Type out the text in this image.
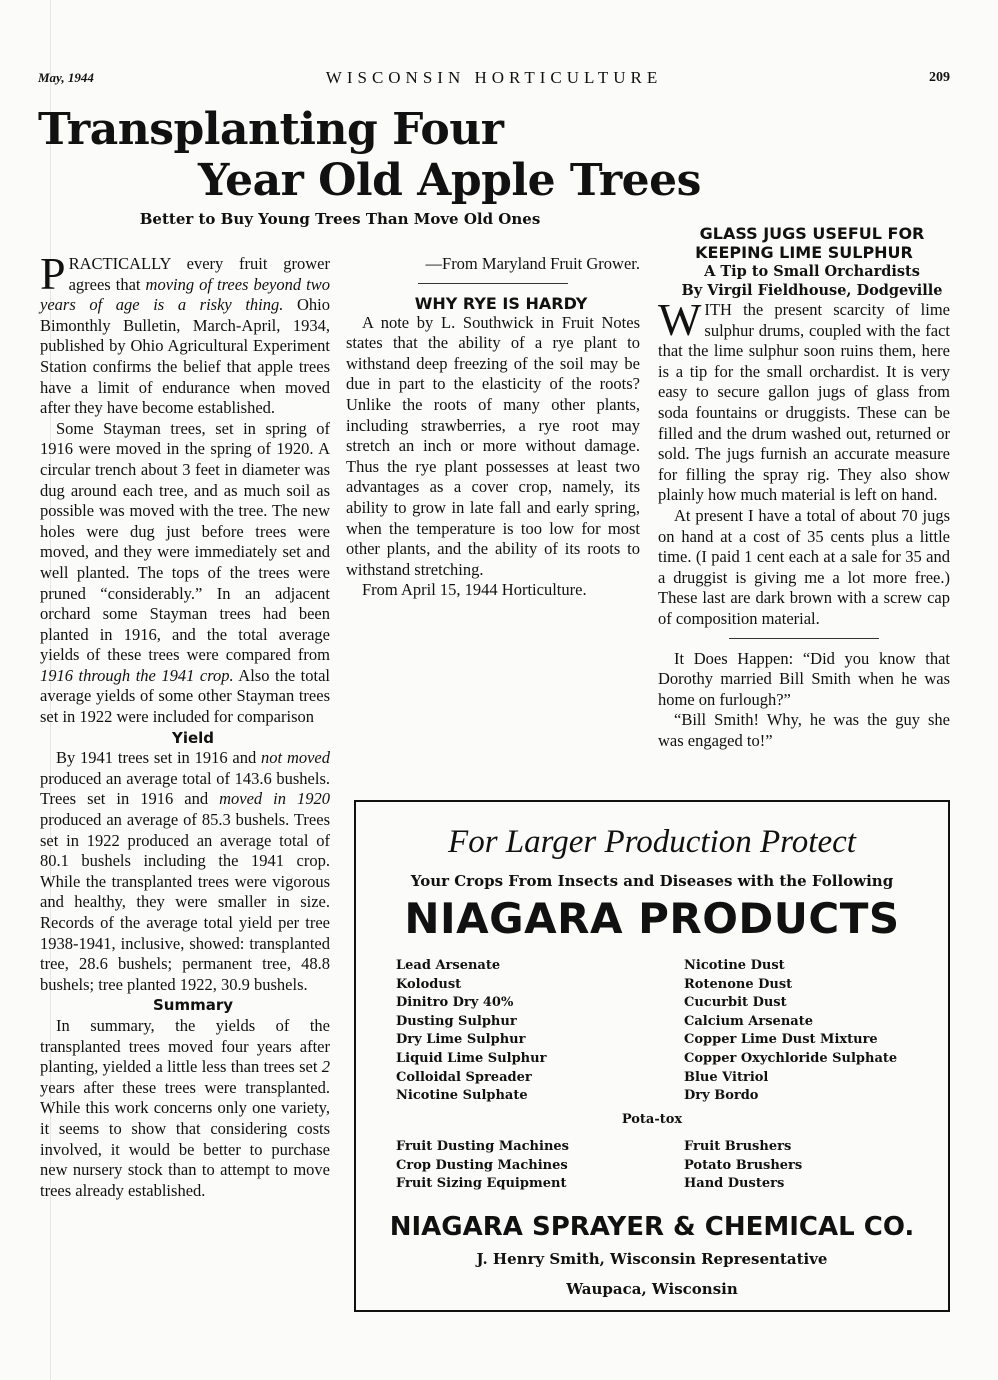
May, 1944	WISCONSIN HORTICULTURE	209
Transplanting Four
Year Old Apple Trees
Better to Buy Young Trees Than Move Old Ones

PRACTICALLY every fruit grower agrees that moving of trees beyond two years of age is a risky thing. Ohio Bimonthly Bulletin, March-April, 1934, published by Ohio Agricultural Experiment Station confirms the belief that apple trees have a limit of endurance when moved after they have become established.

Some Stayman trees, set in spring of 1916 were moved in the spring of 1920. A circular trench about 3 feet in diameter was dug around each tree, and as much soil as possible was moved with the tree. The new holes were dug just before trees were moved, and they were immediately set and well planted. The tops of the trees were pruned “considerably.” In an adjacent orchard some Stayman trees had been planted in 1916, and the total average yields of these trees were compared from 1916 through the 1941 crop. Also the total average yields of some other Stayman trees set in 1922 were included for comparison

Yield

By 1941 trees set in 1916 and not moved produced an average total of 143.6 bushels. Trees set in 1916 and moved in 1920 produced an average of 85.3 bushels. Trees set in 1922 produced an average total of 80.1 bushels including the 1941 crop. While the transplanted trees were vigorous and healthy, they were smaller in size. Records of the average total yield per tree 1938-1941, inclusive, showed: transplanted tree, 28.6 bushels; permanent tree, 48.8 bushels; tree planted 1922, 30.9 bushels.

Summary

In summary, the yields of the transplanted trees moved four years after planting, yielded a little less than trees set 2 years after these trees were transplanted. While this work concerns only one variety, it seems to show that considering costs involved, it would be better to purchase new nursery stock than to attempt to move trees already established.

—From Maryland Fruit Grower.

WHY RYE IS HARDY

A note by L. Southwick in Fruit Notes states that the ability of a rye plant to withstand deep freezing of the soil may be due in part to the elasticity of the roots? Unlike the roots of many other plants, including strawberries, a rye root may stretch an inch or more without damage. Thus the rye plant possesses at least two advantages as a cover crop, namely, its ability to grow in late fall and early spring, when the temperature is too low for most other plants, and the ability of its roots to withstand stretching.

From April 15, 1944 Horticulture.

GLASS JUGS USEFUL FOR KEEPING LIME SULPHUR

A Tip to Small Orchardists

By Virgil Fieldhouse, Dodgeville

WITH the present scarcity of lime sulphur drums, coupled with the fact that the lime sulphur soon ruins them, here is a tip for the small orchardist. It is very easy to secure gallon jugs of glass from soda fountains or druggists. These can be filled and the drum washed out, returned or sold. The jugs furnish an accurate measure for filling the spray rig. They also show plainly how much material is left on hand.

At present I have a total of about 70 jugs on hand at a cost of 35 cents plus a little time. (I paid 1 cent each at a sale for 35 and a druggist is giving me a lot more free.) These last are dark brown with a screw cap of composition material.

It Does Happen: “Did you know that Dorothy married Bill Smith when he was home on furlough?”

“Bill Smith! Why, he was the guy she was engaged to!”

For Larger Production Protect
Your Crops From Insects and Diseases with the Following
NIAGARA PRODUCTS
Lead Arsenate
Kolodust
Dinitro Dry 40%
Dusting Sulphur
Dry Lime Sulphur
Liquid Lime Sulphur
Colloidal Spreader
Nicotine Sulphate
Nicotine Dust
Rotenone Dust
Cucurbit Dust
Calcium Arsenate
Copper Lime Dust Mixture
Copper Oxychloride Sulphate
Blue Vitriol
Dry Bordo
Pota-tox
Fruit Dusting Machines
Crop Dusting Machines
Fruit Sizing Equipment
Fruit Brushers
Potato Brushers
Hand Dusters
NIAGARA SPRAYER & CHEMICAL CO.
J. Henry Smith, Wisconsin Representative
Waupaca, Wisconsin
